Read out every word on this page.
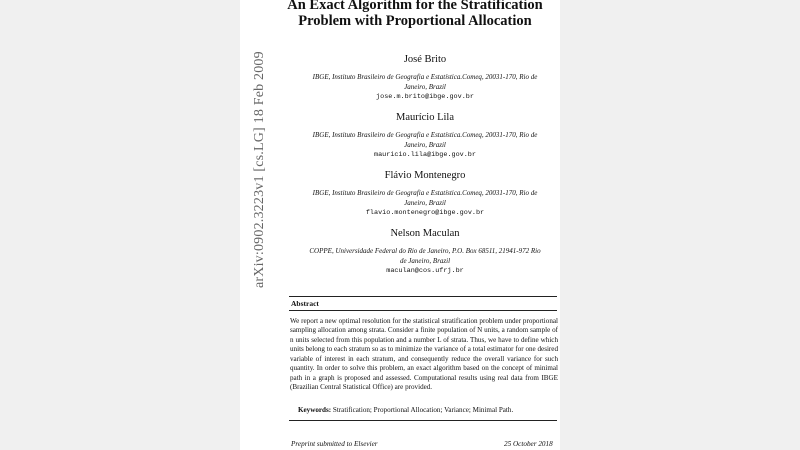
arXiv:0902.3223v1 [cs.LG] 18 Feb 2009
An Exact Algorithm for the Stratification
Problem with Proportional Allocation
José Brito
IBGE, Instituto Brasileiro de Geografia e Estatística.Comeq, 20031-170, Rio de
Janeiro, Brazil
jose.m.brito@ibge.gov.br
Maurício Lila
IBGE, Instituto Brasileiro de Geografia e Estatística.Comeq, 20031-170, Rio de
Janeiro, Brazil
mauricio.lila@ibge.gov.br
Flávio Montenegro
IBGE, Instituto Brasileiro de Geografia e Estatística.Comeq, 20031-170, Rio de
Janeiro, Brazil
flavio.montenegro@ibge.gov.br
Nelson Maculan
COPPE, Universidade Federal do Rio de Janeiro, P.O. Box 68511, 21941-972 Rio
de Janeiro, Brazil
maculan@cos.ufrj.br
Abstract
We report a new optimal resolution for the statistical stratification problem under proportional sampling allocation among strata. Consider a finite population of N units, a random sample of n units selected from this population and a number L of strata. Thus, we have to define which units belong to each stratum so as to minimize the variance of a total estimator for one desired variable of interest in each stratum, and consequently reduce the overall variance for such quantity. In order to solve this problem, an exact algorithm based on the concept of minimal path in a graph is proposed and assessed. Computational results using real data from IBGE (Brazilian Central Statistical Office) are provided.
Keywords: Stratification; Proportional Allocation; Variance; Minimal Path.
Preprint submitted to Elsevier	25 October 2018
